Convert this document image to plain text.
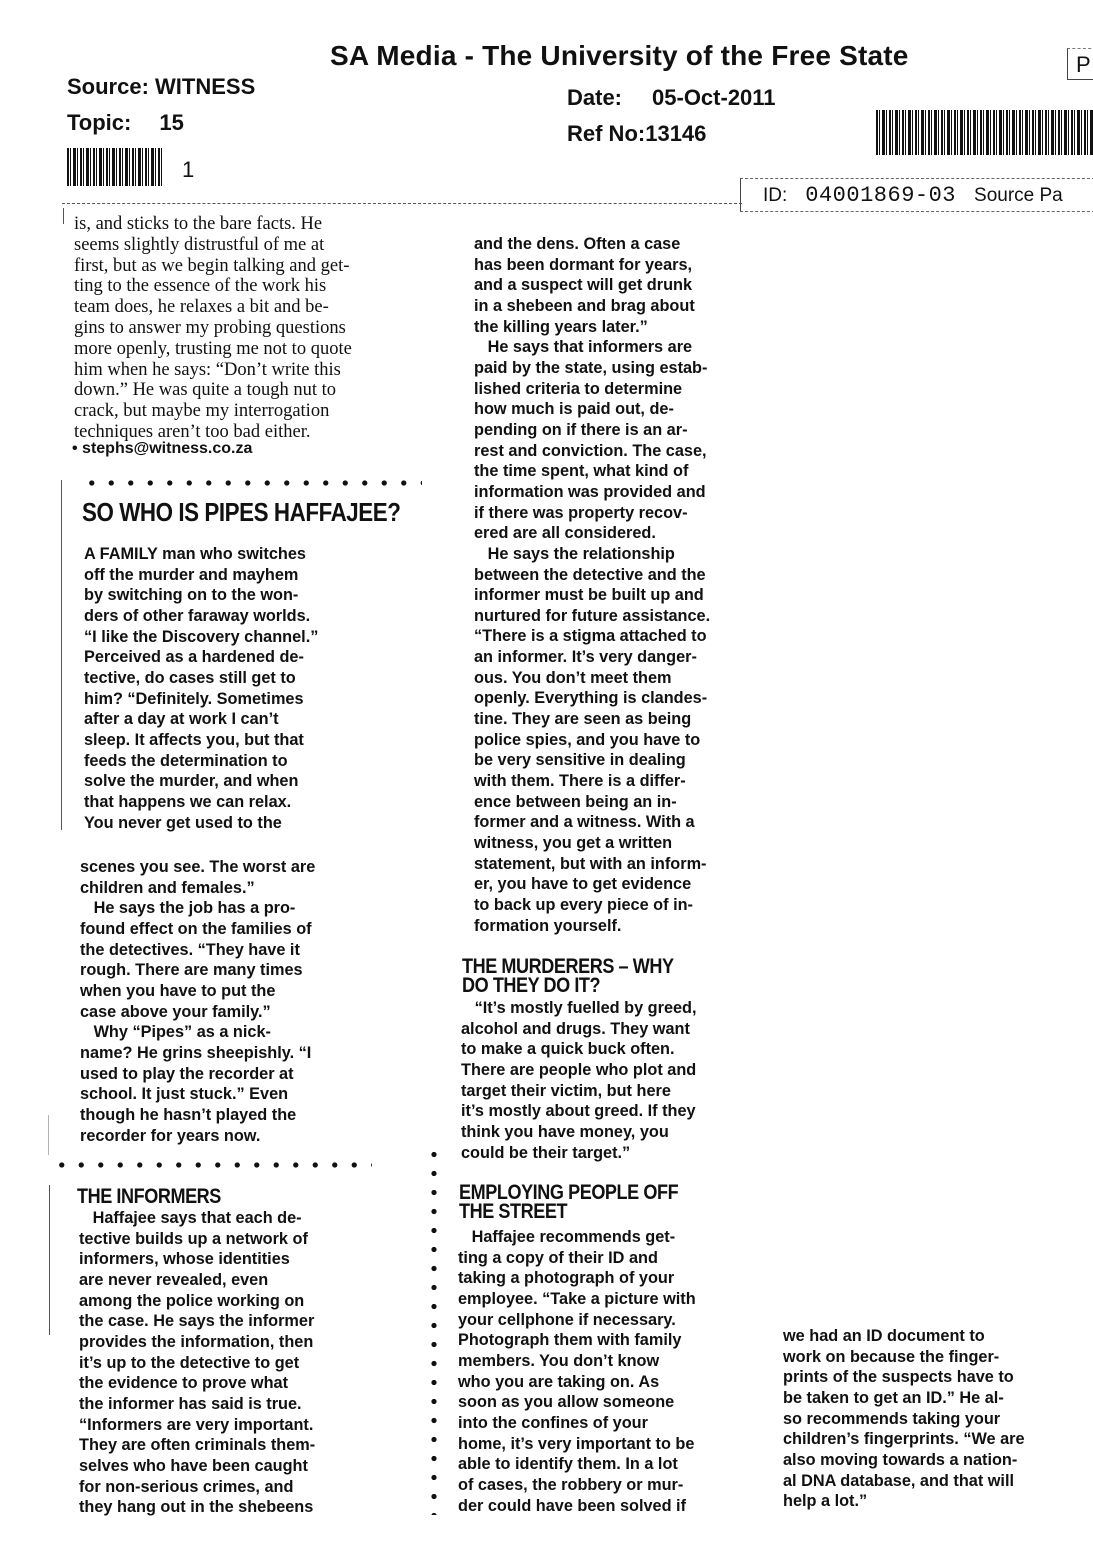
SA Media - The University of the Free State
Source: WITNESS
Topic: 15
1
Date: 05-Oct-2011
Ref No:13146
P
ID: 04001869-03 Source Pa
is, and sticks to the bare facts. He
seems slightly distrustful of me at
first, but as we begin talking and get-
ting to the essence of the work his
team does, he relaxes a bit and be-
gins to answer my probing questions
more openly, trusting me not to quote
him when he says: “Don’t write this
down.” He was quite a tough nut to
crack, but maybe my interrogation
techniques aren’t too bad either.
• stephs@witness.co.za
SO WHO IS PIPES HAFFAJEE?
A FAMILY man who switches
off the murder and mayhem
by switching on to the won-
ders of other faraway worlds.
“I like the Discovery channel.”
Perceived as a hardened de-
tective, do cases still get to
him? “Definitely. Sometimes
after a day at work I can’t
sleep. It affects you, but that
feeds the determination to
solve the murder, and when
that happens we can relax.
You never get used to the
scenes you see. The worst are
children and females.”
He says the job has a pro-
found effect on the families of
the detectives. “They have it
rough. There are many times
when you have to put the
case above your family.”
Why “Pipes” as a nick-
name? He grins sheepishly. “I
used to play the recorder at
school. It just stuck.” Even
though he hasn’t played the
recorder for years now.
THE INFORMERS
Haffajee says that each de-
tective builds up a network of
informers, whose identities
are never revealed, even
among the police working on
the case. He says the informer
provides the information, then
it’s up to the detective to get
the evidence to prove what
the informer has said is true.
“Informers are very important.
They are often criminals them-
selves who have been caught
for non-serious crimes, and
they hang out in the shebeens
and the dens. Often a case
has been dormant for years,
and a suspect will get drunk
in a shebeen and brag about
the killing years later.”
He says that informers are
paid by the state, using estab-
lished criteria to determine
how much is paid out, de-
pending on if there is an ar-
rest and conviction. The case,
the time spent, what kind of
information was provided and
if there was property recov-
ered are all considered.
He says the relationship
between the detective and the
informer must be built up and
nurtured for future assistance.
“There is a stigma attached to
an informer. It’s very danger-
ous. You don’t meet them
openly. Everything is clandes-
tine. They are seen as being
police spies, and you have to
be very sensitive in dealing
with them. There is a differ-
ence between being an in-
former and a witness. With a
witness, you get a written
statement, but with an inform-
er, you have to get evidence
to back up every piece of in-
formation yourself.
THE MURDERERS – WHY
DO THEY DO IT?
“It’s mostly fuelled by greed,
alcohol and drugs. They want
to make a quick buck often.
There are people who plot and
target their victim, but here
it’s mostly about greed. If they
think you have money, you
could be their target.”
EMPLOYING PEOPLE OFF
THE STREET
Haffajee recommends get-
ting a copy of their ID and
taking a photograph of your
employee. “Take a picture with
your cellphone if necessary.
Photograph them with family
members. You don’t know
who you are taking on. As
soon as you allow someone
into the confines of your
home, it’s very important to be
able to identify them. In a lot
of cases, the robbery or mur-
der could have been solved if
we had an ID document to
work on because the finger-
prints of the suspects have to
be taken to get an ID.” He al-
so recommends taking your
children’s fingerprints. “We are
also moving towards a nation-
al DNA database, and that will
help a lot.”
